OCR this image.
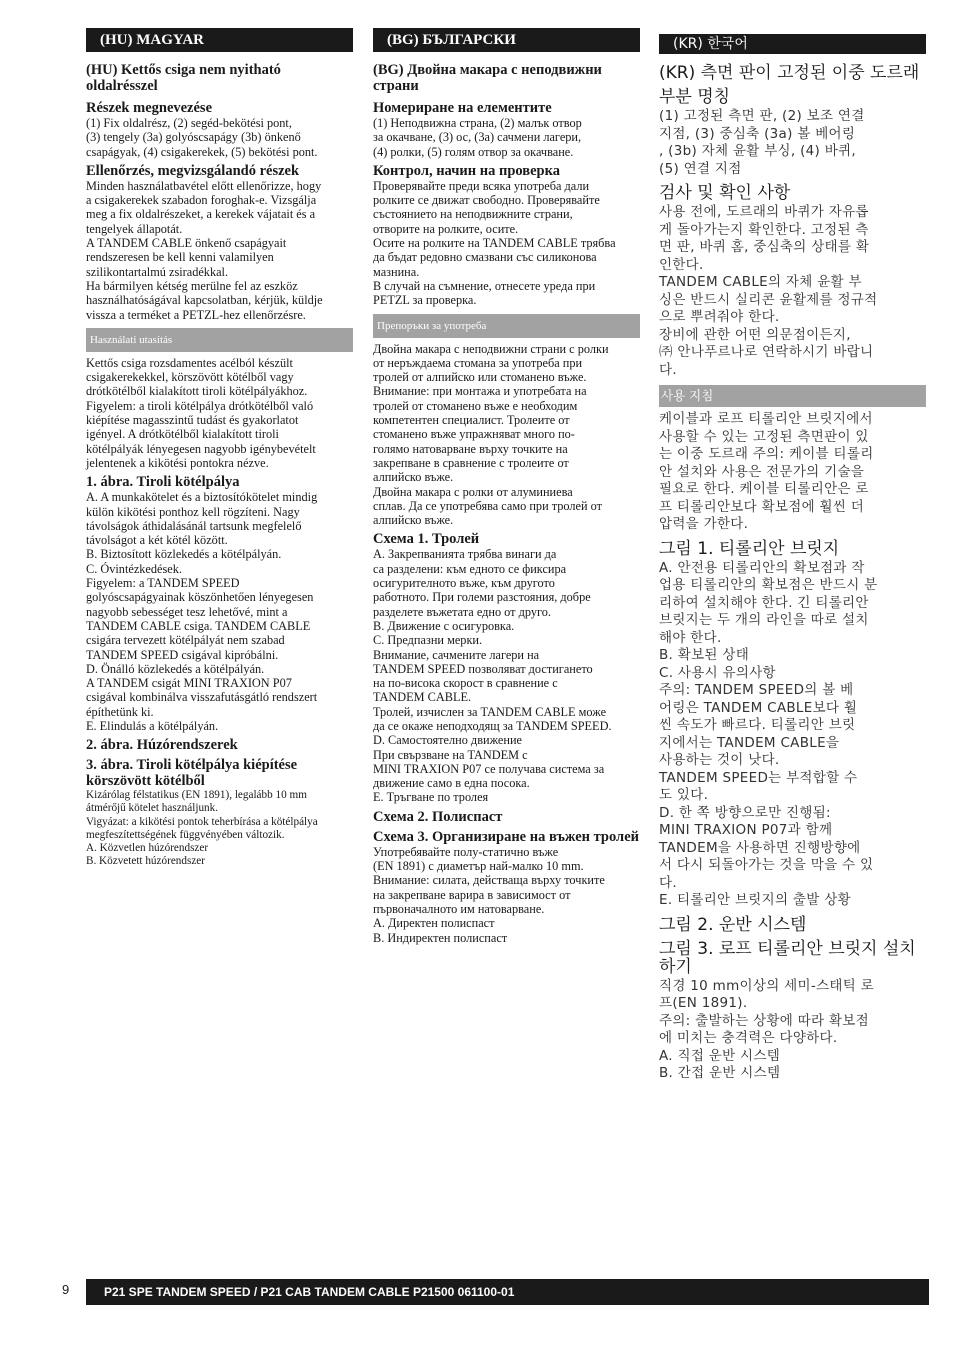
(HU) MAGYAR
(HU) Kettős csiga nem nyitható oldalrésszel
Részek megnevezése
(1) Fix oldalrész, (2) segéd-bekötési pont,
(3) tengely (3a) golyóscsapágy (3b) önkenő
csapágyak, (4) csigakerekek, (5) bekötési pont.
Ellenőrzés, megvizsgálandó részek
Minden használatbavétel előtt ellenőrizze, hogy
a csigakerekek szabadon foroghak-e. Vizsgálja
meg a fix oldalrészeket, a kerekek vájatait és a
tengelyek állapotát.
A TANDEM CABLE önkenő csapágyait
rendszeresen be kell kenni valamilyen
szilikontartalmú zsiradékkal.
Ha bármilyen kétség merülne fel az eszköz
használhatóságával kapcsolatban, kérjük, küldje
vissza a terméket a PETZL-hez ellenőrzésre.
Használati utasítás
Kettős csiga rozsdamentes acélból készült
csigakerekekkel, körszövött kötélből vagy
drótkötélből kialakított tiroli kötélpályákhoz.
Figyelem: a tiroli kötélpálya drótkötélből való
kiépítése magasszintű tudást és gyakorlatot
igényel. A drótkötélből kialakított tiroli
kötélpályák lényegesen nagyobb igénybevételt
jelentenek a kikötési pontokra nézve.
1. ábra. Tiroli kötélpálya
A. A munkakötelet és a biztosítókötelet mindig
külön kikötési ponthoz kell rögzíteni. Nagy
távolságok áthidalásánál tartsunk megfelelő
távolságot a két kötél között.
B. Biztosított közlekedés a kötélpályán.
C. Óvintézkedések.
Figyelem: a TANDEM SPEED
golyóscsapágyainak köszönhetően lényegesen
nagyobb sebességet tesz lehetővé, mint a
TANDEM CABLE csiga. TANDEM CABLE
csigára tervezett kötélpályát nem szabad
TANDEM SPEED csigával kipróbálni.
D. Önálló közlekedés a kötélpályán.
A TANDEM csigát MINI TRAXION P07
csigával kombinálva visszafutásgátló rendszert
építhetünk ki.
E. Elindulás a kötélpályán.
2. ábra. Húzórendszerek
3. ábra. Tiroli kötélpálya kiépítése körszövött kötélből
Kizárólag félstatikus (EN 1891), legalább 10 mm
átmérőjű kötelet használjunk.
Vigyázat: a kikötési pontok teherbírása a kötélpálya
megfeszítettségének függvényében változik.
A. Közvetlen húzórendszer
B. Közvetett húzórendszer
(BG) БЪЛГАРСКИ
(BG) Двойна макара с неподвижни страни
Номериране на елементите
(1) Неподвижна страна, (2) малък отвор
за окачване, (3) ос, (3а) сачмени лагери,
(4) ролки, (5) голям отвор за окачване.
Контрол, начин на проверка
Проверявайте преди всяка употреба дали
ролките се движат свободно. Проверявайте
състоянието на неподвижните страни,
отворите на ролките, осите.
Осите на ролките на TANDEM CABLE трябва
да бъдат редовно смазвани със силиконова
мазнина.
В случай на съмнение, отнесете уреда при
PETZL за проверка.
Препоръки за употреба
Двойна макара с неподвижни страни с ролки
от неръждаема стомана за употреба при
тролей от алпийско или стоманено въже.
Внимание: при монтажа и употребата на
тролей от стоманено въже е необходим
компетентен специалист. Тролеите от
стоманено въже упражняват много по-
голямо натоварване върху точките на
закрепване в сравнение с тролеите от
алпийско въже.
Двойна макара с ролки от алуминиева
сплав. Да се употребява само при тролей от
алпийско въже.
Схема 1. Тролей
A. Закрепванията трябва винаги да
са разделени: към едното се фиксира
осигурителното въже, към другото
работното. При големи разстояния, добре
разделете въжетата едно от друго.
B. Движение с осигуровка.
C. Предпазни мерки.
Внимание, сачмените лагери на
TANDEM SPEED позволяват достигането
на по-висока скорост в сравнение с
TANDEM CABLE.
Тролей, изчислен за TANDEM CABLE може
да се окаже неподходящ за TANDEM SPEED.
D. Самостоятелно движение
При свързване на TANDEM с
MINI TRAXION P07 се получава система за
движение само в една посока.
E. Тръгване по тролея
Схема 2. Полиспаст
Схема 3. Организиране на въжен тролей
Употребявайте полу-статично въже
(EN 1891) с диаметър най-малко 10 mm.
Внимание: силата, действаща върху точките
на закрепване варира в зависимост от
първоначалното им натоварване.
A. Директен полиспаст
B. Индиректен полиспаст
(KR) 한국어
(KR) 측면 판이 고정된 이중 도르래
부분 명칭
(1) 고정된 측면 판, (2) 보조 연결
지점, (3) 중심축 (3a) 볼 베어링
, (3b) 자체 윤활 부싱, (4) 바퀴,
(5) 연결 지점
검사 및 확인 사항
사용 전에, 도르래의 바퀴가 자유롭
게 돌아가는지 확인한다. 고정된 측
면 판, 바퀴 홈, 중심축의 상태를 확
인한다.
TANDEM CABLE의 자체 윤활 부
싱은 반드시 실리콘 윤활제를 정규적
으로 뿌려줘야 한다.
장비에 관한 어떤 의문점이든지,
㈜ 안나푸르나로 연락하시기 바랍니
다.
사용 지침
케이블과 로프 티롤리안 브릿지에서
사용할 수 있는 고정된 측면판이 있
는 이중 도르래 주의: 케이블 티롤리
안 설치와 사용은 전문가의 기술을
필요로 한다. 케이블 티롤리안은 로
프 티롤리안보다 확보점에 훨씬 더
압력을 가한다.
그림 1. 티롤리안 브릿지
A. 안전용 티롤리안의 확보점과 작
업용 티롤리안의 확보점은 반드시 분
리하여 설치해야 한다. 긴 티롤리안
브릿지는 두 개의 라인을 따로 설치
해야 한다.
B. 확보된 상태
C. 사용시 유의사항
주의: TANDEM SPEED의 볼 베
어링은 TANDEM CABLE보다 훨
씬 속도가 빠르다. 티롤리안 브릿
지에서는 TANDEM CABLE을
사용하는 것이 낫다.
TANDEM SPEED는 부적합할 수
도 있다.
D. 한 쪽 방향으로만 진행됨:
MINI TRAXION P07과 함께
TANDEM을 사용하면 진행방향에
서 다시 되돌아가는 것을 막을 수 있
다.
E. 티롤리안 브릿지의 출발 상황
그림 2. 운반 시스템
그림 3. 로프 티롤리안 브릿지 설치하기
직경 10 mm이상의 세미-스태틱 로
프(EN 1891).
주의: 출발하는 상황에 따라 확보점
에 미치는 충격력은 다양하다.
A. 직접 운반 시스템
B. 간접 운반 시스템
9	P21 SPE TANDEM SPEED / P21 CAB TANDEM CABLE P21500 061100-01
